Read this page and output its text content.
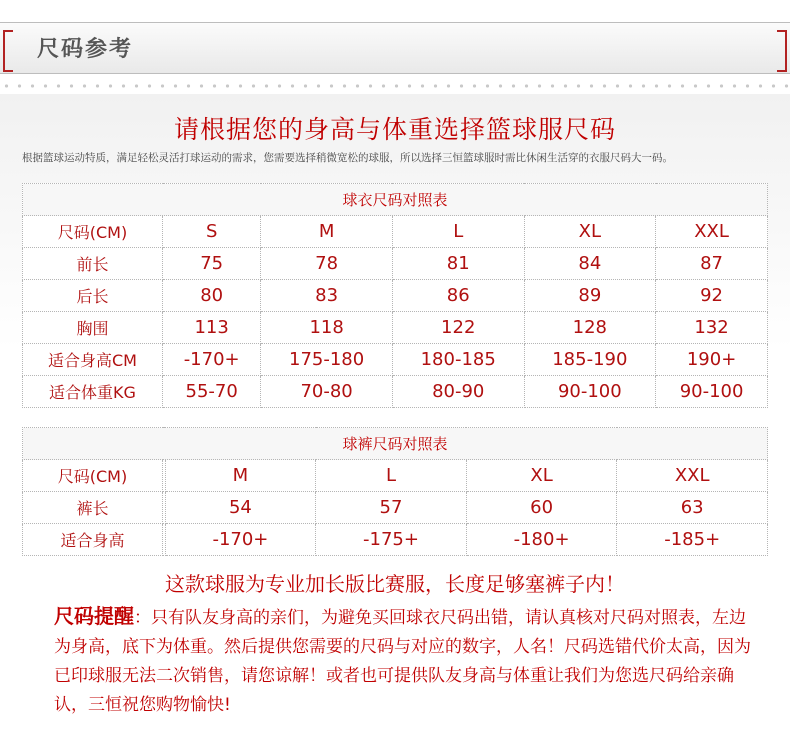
尺码参考
请根据您的身高与体重选择篮球服尺码
根据篮球运动特质，满足轻松灵活打球运动的需求，您需要选择稍微宽松的球服，所以选择三恒篮球服时需比休闲生活穿的衣服尺码大一码。
球衣尺码对照表					
尺码(CM)	S	M	L	XL	XXL
前长	75	78	81	84	87
后长	80	83	86	89	92
胸围	113	118	122	128	132
适合身高CM	-170+	175-180	180-185	185-190	190+
适合体重KG	55-70	70-80	80-90	90-100	90-100
球裤尺码对照表					
尺码(CM)		M	L	XL	XXL
裤长		54	57	60	63
适合身高		-170+	-175+	-180+	-185+
这款球服为专业加长版比赛服，长度足够塞裤子内！
尺码提醒：只有队友身高的亲们，为避免买回球衣尺码出错，请认真核对尺码对照表，左边为身高，底下为体重。然后提供您需要的尺码与对应的数字，人名！尺码选错代价太高，因为已印球服无法二次销售，请您谅解！或者也可提供队友身高与体重让我们为您选尺码给亲确认，三恒祝您购物愉快!
